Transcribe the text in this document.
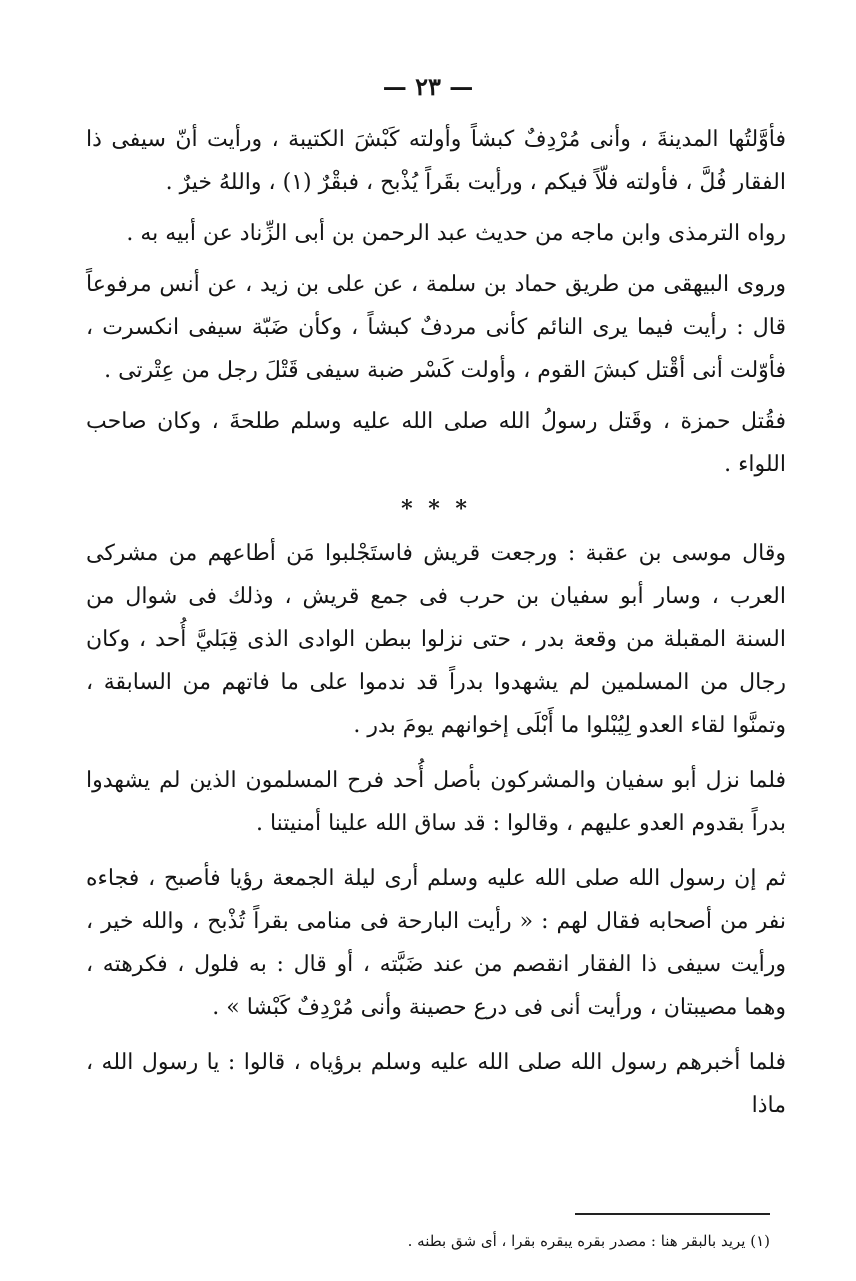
— ٢٣ —

فأوَّلتُها المدينةَ ، وأنى مُرْدِفٌ كبشاً وأولته كَبْشَ الكتيبة ، ورأيت أنّ سيفى ذا الفقار فُلَّ ، فأولته فلّاً فيكم ، ورأيت بقَراً يُذْبح ، فبقْرٌ (١) ، واللهُ خيرٌ .

رواه الترمذى وابن ماجه من حديث عبد الرحمن بن أبى الزِّناد عن أبيه به .

وروى البيهقى من طريق حماد بن سلمة ، عن على بن زيد ، عن أنس مرفوعاً قال : رأيت فيما يرى النائم كأنى مردفٌ كبشاً ، وكأن ضَبّة سيفى انكسرت ، فأوّلت أنى أقْتل كبشَ القوم ، وأولت كَسْر ضبة سيفى قَتْلَ رجل من عِتْرتى .

فقُتل حمزة ، وقَتل رسولُ الله صلى الله عليه وسلم طلحةَ ، وكان صاحب اللواء .

* * *

وقال موسى بن عقبة : ورجعت قريش فاستَجْلبوا مَن أطاعهم من مشركى العرب ، وسار أبو سفيان بن حرب فى جمع قريش ، وذلك فى شوال من السنة المقبلة من وقعة بدر ، حتى نزلوا ببطن الوادى الذى قِبَليَّ أُحد ، وكان رجال من المسلمين لم يشهدوا بدراً قد ندموا على ما فاتهم من السابقة ، وتمنَّوا لقاء العدو لِيُبْلوا ما أَبْلَى إخوانهم يومَ بدر .

فلما نزل أبو سفيان والمشركون بأصل أُحد فرح المسلمون الذين لم يشهدوا بدراً بقدوم العدو عليهم ، وقالوا : قد ساق الله علينا أمنيتنا .

ثم إن رسول الله صلى الله عليه وسلم أرى ليلة الجمعة رؤيا فأصبح ، فجاءه نفر من أصحابه فقال لهم : « رأيت البارحة فى منامى بقراً تُذْبح ، والله خير ، ورأيت سيفى ذا الفقار انقصم من عند ضَبَّته ، أو قال : به فلول ، فكرهته ، وهما مصيبتان ، ورأيت أنى فى درع حصينة وأنى مُرْدِفٌ كَبْشا » .

فلما أخبرهم رسول الله صلى الله عليه وسلم برؤياه ، قالوا : يا رسول الله ، ماذا

(١) يريد بالبقر هنا : مصدر بقره يبقره بقرا ، أى شق بطنه .
